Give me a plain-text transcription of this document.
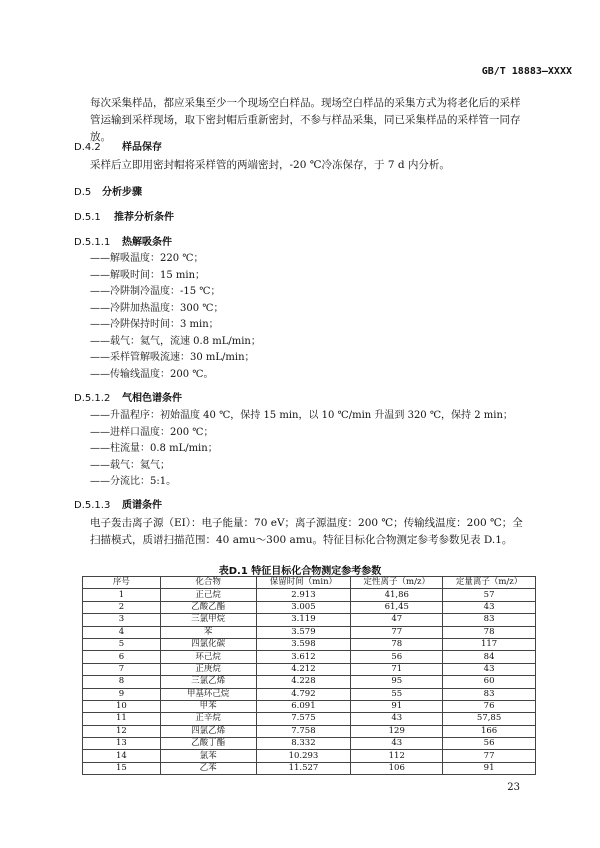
GB/T 18883—XXXX

每次采集样品，都应采集至少一个现场空白样品。现场空白样品的采集方式为将老化后的采样管运输到采样现场，取下密封帽后重新密封，不参与样品采集，同已采集样品的采样管一同存放。

D.4.2 样品保存

采样后立即用密封帽将采样管的两端密封，-20 ℃冷冻保存，于 7 d 内分析。

D.5 分析步骤
D.5.1 推荐分析条件
D.5.1.1 热解吸条件
——解吸温度：220 ℃；
——解吸时间：15 min；
——冷阱制冷温度：-15 ℃；
——冷阱加热温度：300 ℃；
——冷阱保持时间：3 min；
——载气：氦气，流速 0.8 mL/min；
——采样管解吸流速：30 mL/min；
——传输线温度：200 ℃。
D.5.1.2 气相色谱条件
——升温程序：初始温度 40 ℃，保持 15 min，以 10 ℃/min 升温到 320 ℃，保持 2 min；
——进样口温度：200 ℃；
——柱流量：0.8 mL/min；
——载气：氦气；
——分流比：5:1。
D.5.1.3 质谱条件

电子轰击离子源（EI）：电子能量：70 eV；离子源温度：200 ℃；传输线温度：200 ℃；全扫描模式，质谱扫描范围：40 amu～300 amu。特征目标化合物测定参考参数见表 D.1。

表D.1 特征目标化合物测定参考参数
序号	化合物	保留时间（min）	定性离子（m/z）	定量离子（m/z）
1	正己烷	2.913	41,86	57
2	乙酸乙酯	3.005	61,45	43
3	三氯甲烷	3.119	47	83
4	苯	3.579	77	78
5	四氯化碳	3.598	78	117
6	环己烷	3.612	56	84
7	正庚烷	4.212	71	43
8	三氯乙烯	4.228	95	60
9	甲基环己烷	4.792	55	83
10	甲苯	6.091	91	76
11	正辛烷	7.575	43	57,85
12	四氯乙烯	7.758	129	166
13	乙酸丁酯	8.332	43	56
14	氯苯	10.293	112	77
15	乙苯	11.527	106	91
23
